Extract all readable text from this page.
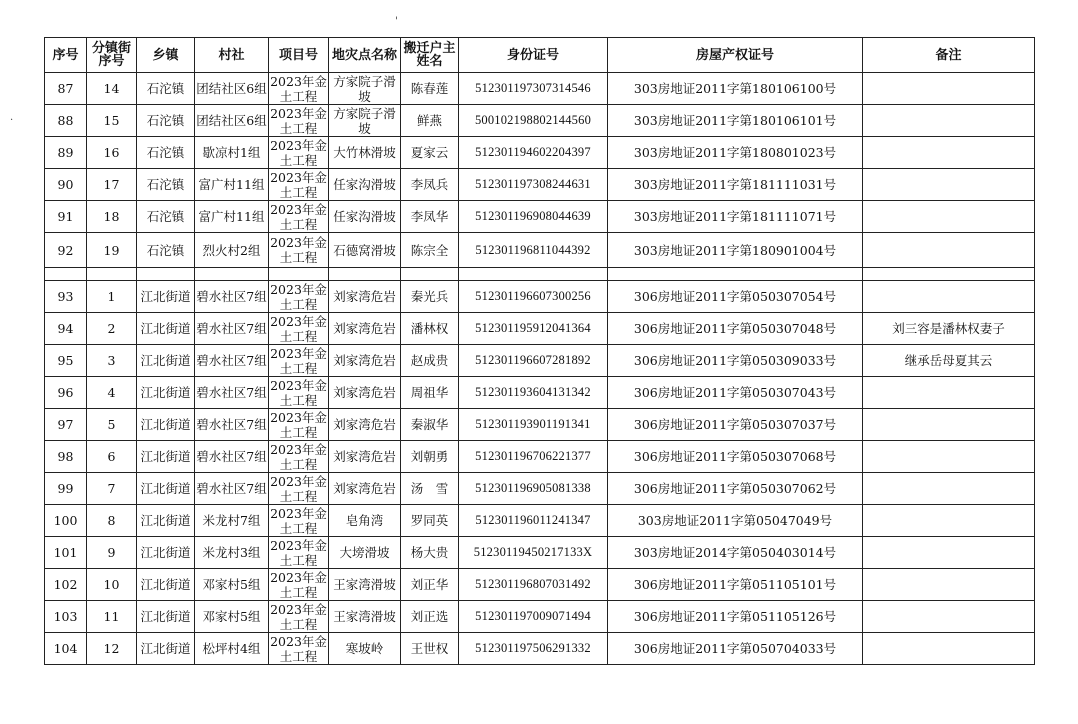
'
.
序号	分镇街序号	乡镇	村社	项目号	地灾点名称	搬迁户主姓名	身份证号	房屋产权证号	备注
87	14	石沱镇	团结社区6组	2023年金土工程	方家院子滑坡	陈春莲	512301197307314546	303房地证2011字第180106100号	
88	15	石沱镇	团结社区6组	2023年金土工程	方家院子滑坡	鲜燕	500102198802144560	303房地证2011字第180106101号	
89	16	石沱镇	歇凉村1组	2023年金土工程	大竹林滑坡	夏家云	512301194602204397	303房地证2011字第180801023号	
90	17	石沱镇	富广村11组	2023年金土工程	任家沟滑坡	李凤兵	512301197308244631	303房地证2011字第181111031号	
91	18	石沱镇	富广村11组	2023年金土工程	任家沟滑坡	李凤华	512301196908044639	303房地证2011字第181111071号	
92	19	石沱镇	烈火村2组	2023年金土工程	石德窝滑坡	陈宗全	512301196811044392	303房地证2011字第180901004号	

93	1	江北街道	碧水社区7组	2023年金土工程	刘家湾危岩	秦光兵	512301196607300256	306房地证2011字第050307054号	
94	2	江北街道	碧水社区7组	2023年金土工程	刘家湾危岩	潘林权	512301195912041364	306房地证2011字第050307048号	刘三容是潘林权妻子
95	3	江北街道	碧水社区7组	2023年金土工程	刘家湾危岩	赵成贵	512301196607281892	306房地证2011字第050309033号	继承岳母夏其云
96	4	江北街道	碧水社区7组	2023年金土工程	刘家湾危岩	周祖华	512301193604131342	306房地证2011字第050307043号	
97	5	江北街道	碧水社区7组	2023年金土工程	刘家湾危岩	秦淑华	512301193901191341	306房地证2011字第050307037号	
98	6	江北街道	碧水社区7组	2023年金土工程	刘家湾危岩	刘朝勇	512301196706221377	306房地证2011字第050307068号	
99	7	江北街道	碧水社区7组	2023年金土工程	刘家湾危岩	汤　雪	512301196905081338	306房地证2011字第050307062号	
100	8	江北街道	米龙村7组	2023年金土工程	皂角湾	罗同英	512301196011241347	303房地证2011字第05047049号	
101	9	江北街道	米龙村3组	2023年金土工程	大塝滑坡	杨大贵	51230119450217133X	303房地证2014字第050403014号	
102	10	江北街道	邓家村5组	2023年金土工程	王家湾滑坡	刘正华	512301196807031492	306房地证2011字第051105101号	
103	11	江北街道	邓家村5组	2023年金土工程	王家湾滑坡	刘正选	512301197009071494	306房地证2011字第051105126号	
104	12	江北街道	松坪村4组	2023年金土工程	寒坡岭	王世权	512301197506291332	306房地证2011字第050704033号	
